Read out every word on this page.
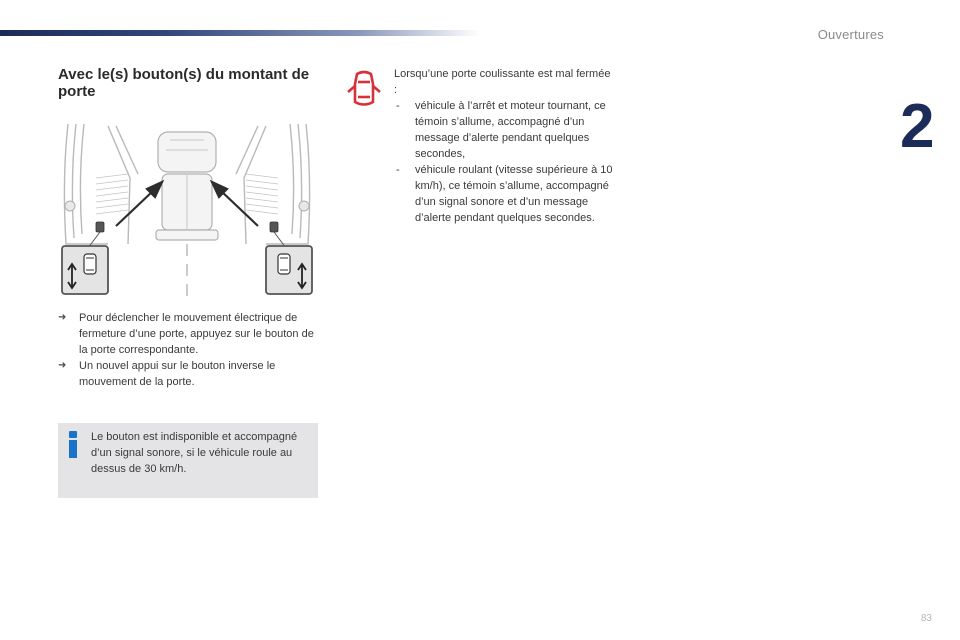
Ouvertures
2
83
Avec le(s) bouton(s) du montant de porte
➜ Pour déclencher le mouvement électrique de fermeture d’une porte, appuyez sur le bouton de la porte correspondante.
➜ Un nouvel appui sur le bouton inverse le mouvement de la porte.

Le bouton est indisponible et accompagné d’un signal sonore, si le véhicule roule au dessus de 30 km/h.

Lorsqu’une porte coulissante est mal fermée :

- véhicule à l’arrêt et moteur tournant, ce témoin s’allume, accompagné d’un message d’alerte pendant quelques secondes,
- véhicule roulant (vitesse supérieure à 10 km/h), ce témoin s’allume, accompagné d’un signal sonore et d’un message d’alerte pendant quelques secondes.
